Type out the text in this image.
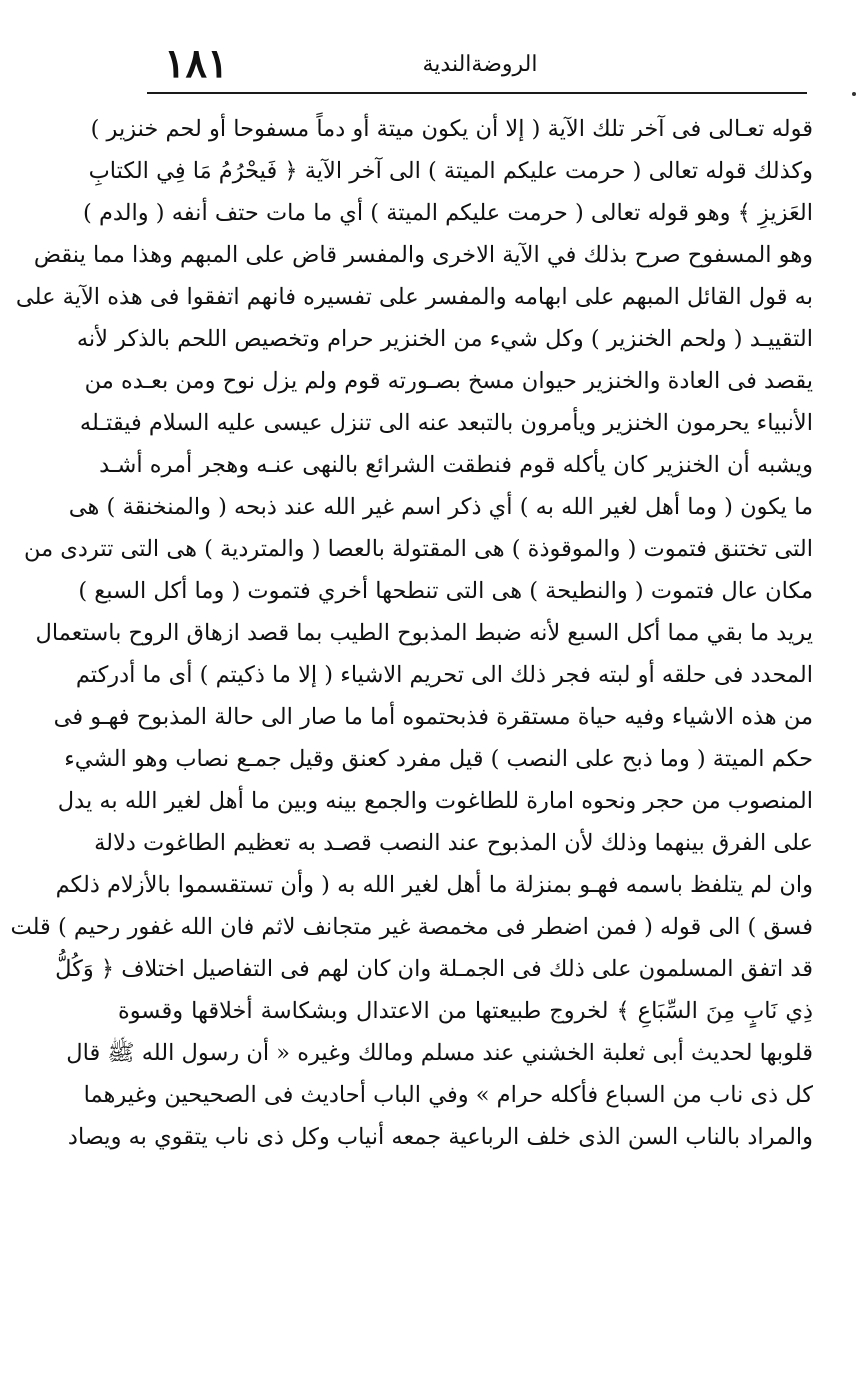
١٨١	الروضةالندية
قوله تعـالى فى آخر تلك الآية ( إلا أن يكون ميتة أو دماً مسفوحا أو لحم خنزير )
وكذلك قوله تعالى ( حرمت عليكم الميتة ) الى آخر الآية ﴿ فَيحْرُمُ مَا فِي الكتابِ
العَزيزِ ﴾ وهو قوله تعالى ( حرمت عليكم الميتة ) أي ما مات حتف أنفه ( والدم )
وهو المسفوح صرح بذلك في الآية الاخرى والمفسر قاض على المبهم وهذا مما ينقض
به قول القائل المبهم على ابهامه والمفسر على تفسيره فانهم اتفقوا فى هذه الآية على
التقييـد ( ولحم الخنزير ) وكل شيء من الخنزير حرام وتخصيص اللحم بالذكر لأنه
يقصد فى العادة والخنزير حيوان مسخ بصـورته قوم ولم يزل نوح ومن بعـده من
الأنبياء يحرمون الخنزير ويأمرون بالتبعد عنه الى تنزل عيسى عليه السلام فيقتـله
ويشبه أن الخنزير كان يأكله قوم فنطقت الشرائع بالنهى عنـه وهجر أمره أشـد
ما يكون ( وما أهل لغير الله به ) أي ذكر اسم غير الله عند ذبحه ( والمنخنقة ) هى
التى تختنق فتموت ( والموقوذة ) هى المقتولة بالعصا ( والمتردية ) هى التى تتردى من
مكان عال فتموت ( والنطيحة ) هى التى تنطحها أخري فتموت ( وما أكل السبع )
يريد ما بقي مما أكل السبع لأنه ضبط المذبوح الطيب بما قصد ازهاق الروح باستعمال
المحدد فى حلقه أو لبته فجر ذلك الى تحريم الاشياء ( إلا ما ذكيتم ) أى ما أدركتم
من هذه الاشياء وفيه حياة مستقرة فذبحتموه أما ما صار الى حالة المذبوح فهـو فى
حكم الميتة ( وما ذبح على النصب ) قيل مفرد كعنق وقيل جمـع نصاب وهو الشيء
المنصوب من حجر ونحوه امارة للطاغوت والجمع بينه وبين ما أهل لغير الله به يدل
على الفرق بينهما وذلك لأن المذبوح عند النصب قصـد به تعظيم الطاغوت دلالة
وان لم يتلفظ باسمه فهـو بمنزلة ما أهل لغير الله به ( وأن تستقسموا بالأزلام ذلكم
فسق ) الى قوله ( فمن اضطر فى مخمصة غير متجانف لاثم فان الله غفور رحيم ) قلت
قد اتفق المسلمون على ذلك فى الجمـلة وان كان لهم فى التفاصيل اختلاف ﴿ وَكُلُّ
ذِي نَابٍ مِنَ السِّبَاعِ ﴾ لخروج طبيعتها من الاعتدال وبشكاسة أخلاقها وقسوة
قلوبها لحديث أبى ثعلبة الخشني عند مسلم ومالك وغيره « أن رسول الله ﷺ قال
كل ذى ناب من السباع فأكله حرام » وفي الباب أحاديث فى الصحيحين وغيرهما
والمراد بالناب السن الذى خلف الرباعية جمعه أنياب وكل ذى ناب يتقوي به ويصاد
